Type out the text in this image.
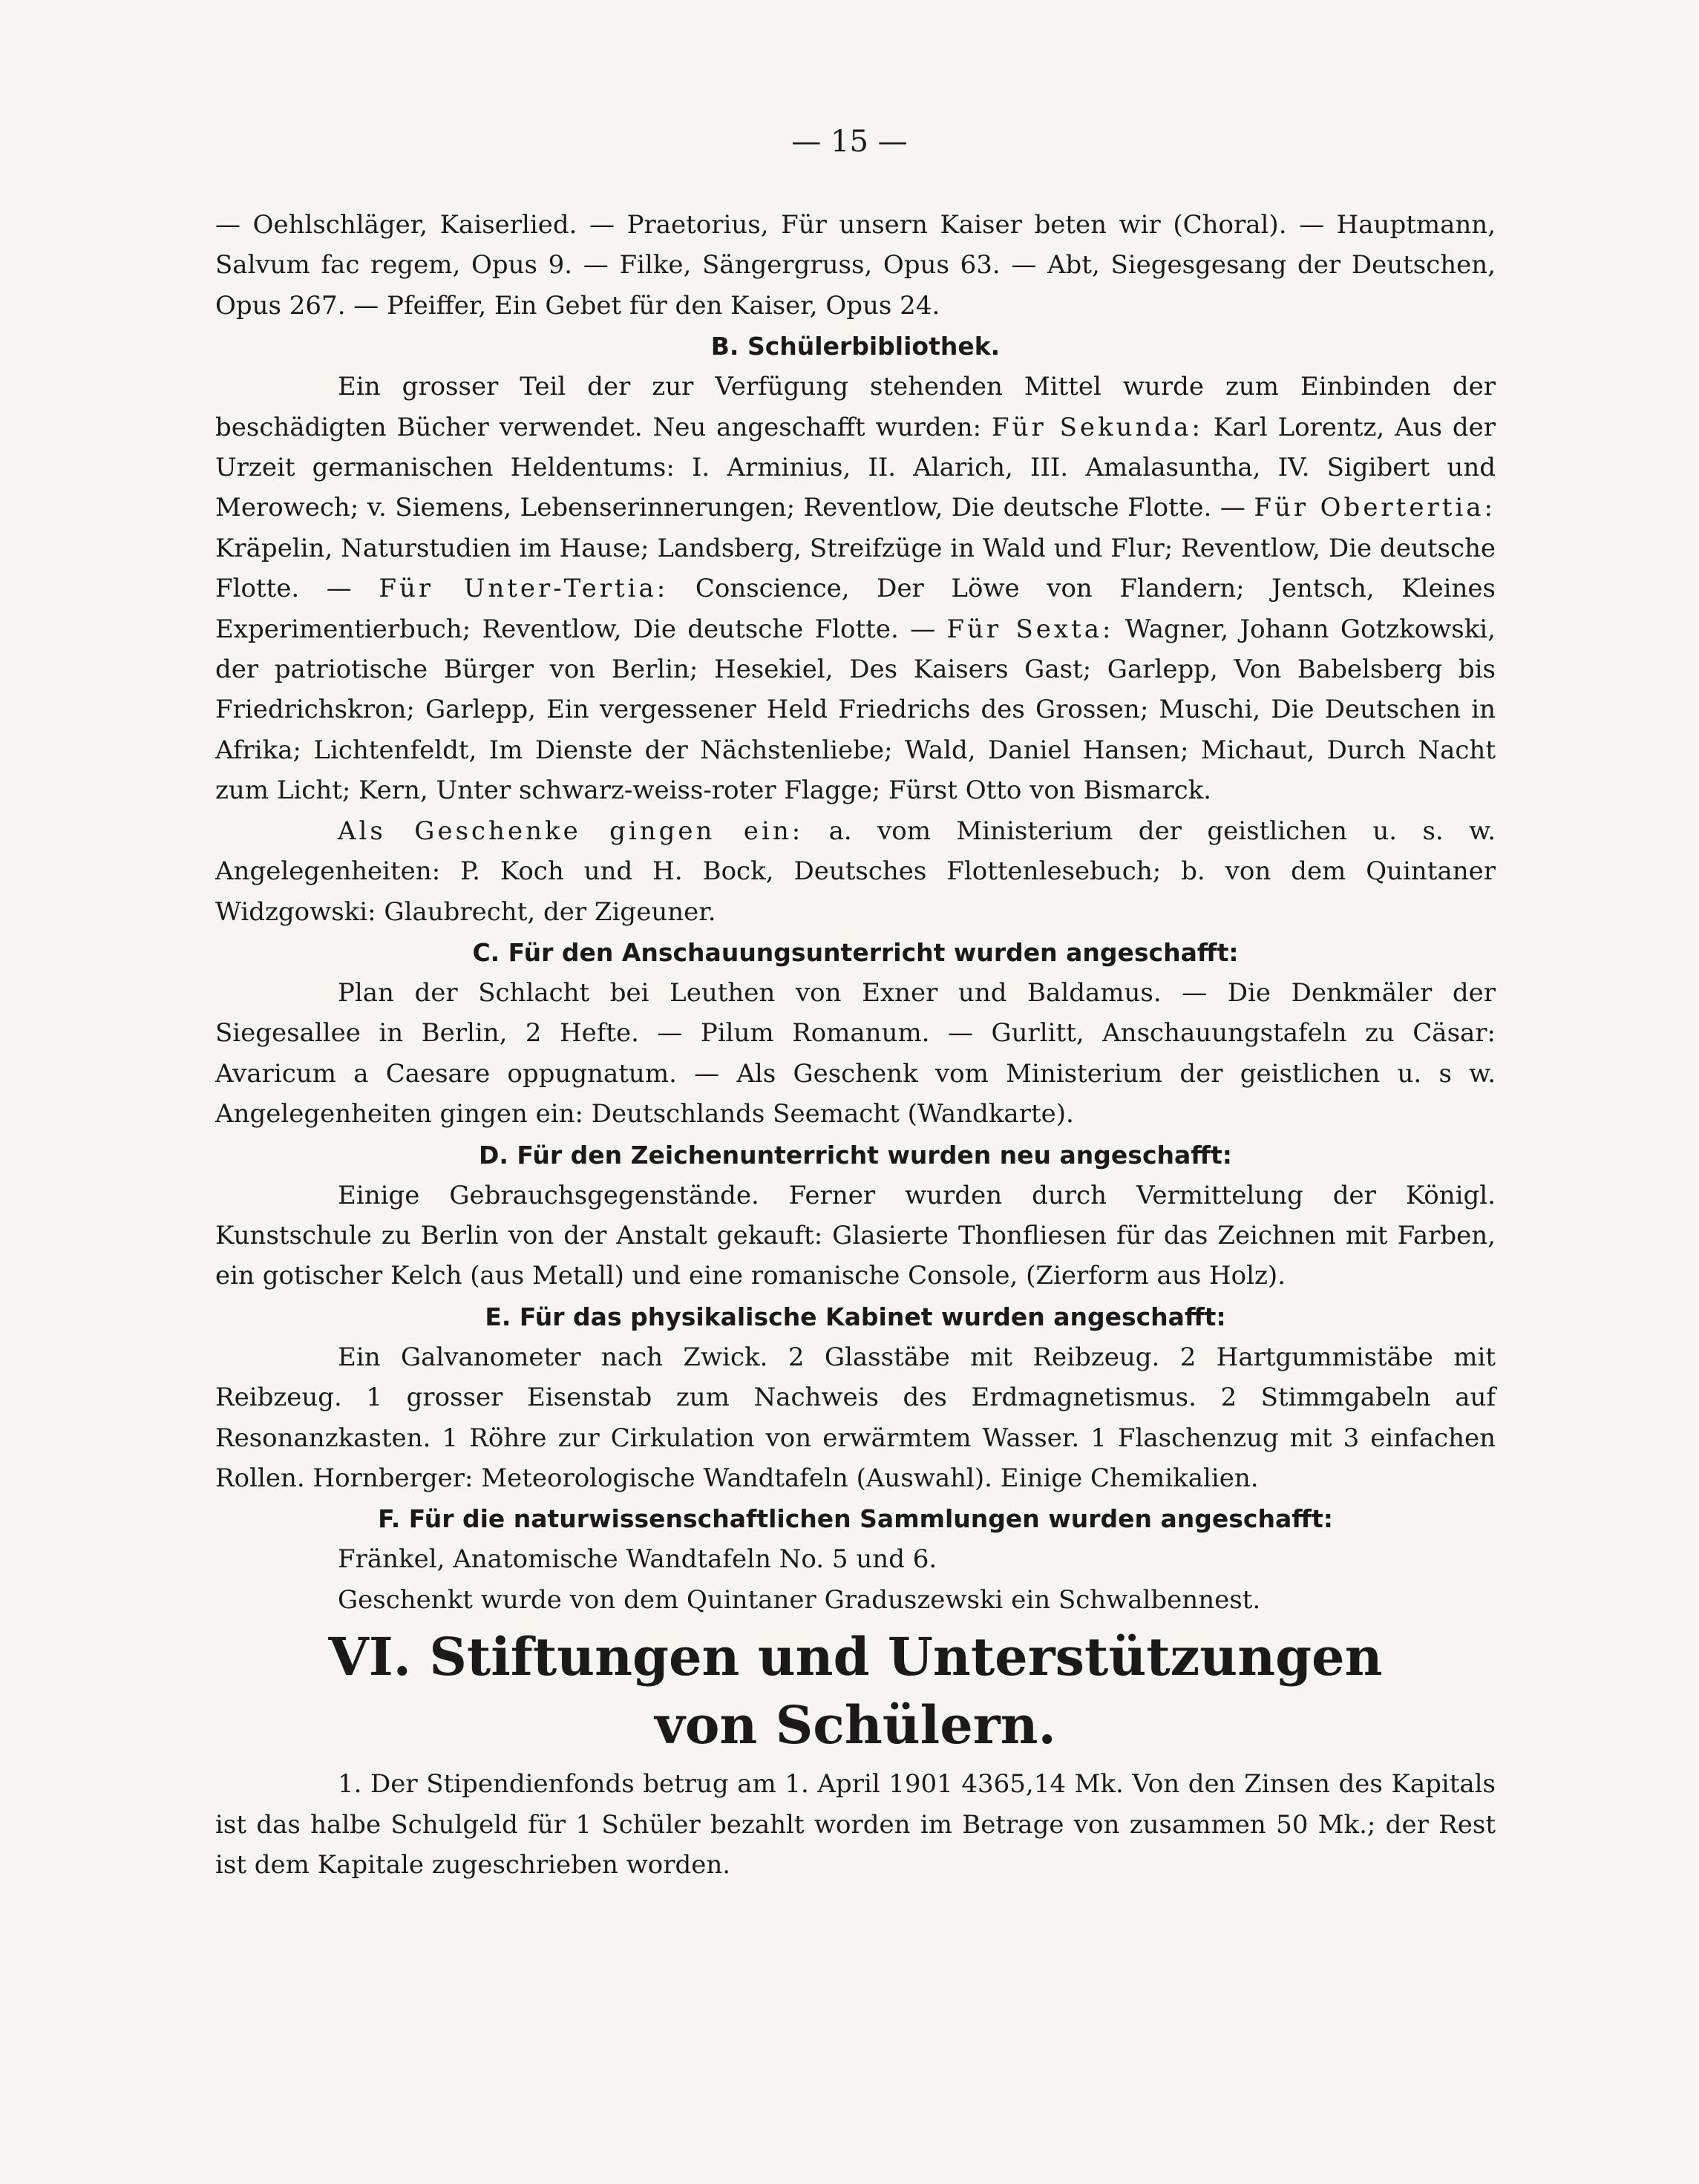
— 15 —

— Oehlschläger, Kaiserlied. — Praetorius, Für unsern Kaiser beten wir (Choral). — Hauptmann, Salvum fac regem, Opus 9. — Filke, Sängergruss, Opus 63. — Abt, Siegesgesang der Deutschen, Opus 267. — Pfeiffer, Ein Gebet für den Kaiser, Opus 24.

B. Schülerbibliothek.

Ein grosser Teil der zur Verfügung stehenden Mittel wurde zum Einbinden der beschädigten Bücher verwendet. Neu angeschafft wurden: Für Sekunda: Karl Lorentz, Aus der Urzeit germanischen Heldentums: I. Arminius, II. Alarich, III. Amalasuntha, IV. Sigibert und Merowech; v. Siemens, Lebenserinnerungen; Reventlow, Die deutsche Flotte. — Für Obertertia: Kräpelin, Naturstudien im Hause; Landsberg, Streifzüge in Wald und Flur; Reventlow, Die deutsche Flotte. — Für Unter-Tertia: Conscience, Der Löwe von Flandern; Jentsch, Kleines Experimentierbuch; Reventlow, Die deutsche Flotte. — Für Sexta: Wagner, Johann Gotzkowski, der patriotische Bürger von Berlin; Hesekiel, Des Kaisers Gast; Garlepp, Von Babelsberg bis Friedrichskron; Garlepp, Ein vergessener Held Friedrichs des Grossen; Muschi, Die Deutschen in Afrika; Lichtenfeldt, Im Dienste der Nächstenliebe; Wald, Daniel Hansen; Michaut, Durch Nacht zum Licht; Kern, Unter schwarz-weiss-roter Flagge; Fürst Otto von Bismarck.

Als Geschenke gingen ein: a. vom Ministerium der geistlichen u. s. w. Angelegenheiten: P. Koch und H. Bock, Deutsches Flottenlesebuch; b. von dem Quintaner Widzgowski: Glaubrecht, der Zigeuner.

C. Für den Anschauungsunterricht wurden angeschafft:

Plan der Schlacht bei Leuthen von Exner und Baldamus. — Die Denkmäler der Siegesallee in Berlin, 2 Hefte. — Pilum Romanum. — Gurlitt, Anschauungstafeln zu Cäsar: Avaricum a Caesare oppugnatum. — Als Geschenk vom Ministerium der geistlichen u. s w. Angelegenheiten gingen ein: Deutschlands Seemacht (Wandkarte).

D. Für den Zeichenunterricht wurden neu angeschafft:

Einige Gebrauchsgegenstände. Ferner wurden durch Vermittelung der Königl. Kunstschule zu Berlin von der Anstalt gekauft: Glasierte Thonfliesen für das Zeichnen mit Farben, ein gotischer Kelch (aus Metall) und eine romanische Console, (Zierform aus Holz).

E. Für das physikalische Kabinet wurden angeschafft:

Ein Galvanometer nach Zwick. 2 Glasstäbe mit Reibzeug. 2 Hartgummistäbe mit Reibzeug. 1 grosser Eisenstab zum Nachweis des Erdmagnetismus. 2 Stimmgabeln auf Resonanzkasten. 1 Röhre zur Cirkulation von erwärmtem Wasser. 1 Flaschenzug mit 3 einfachen Rollen. Hornberger: Meteorologische Wandtafeln (Auswahl). Einige Chemikalien.

F. Für die naturwissenschaftlichen Sammlungen wurden angeschafft:

Fränkel, Anatomische Wandtafeln No. 5 und 6.

Geschenkt wurde von dem Quintaner Graduszewski ein Schwalbennest.

VI. Stiftungen und Unterstützungen
von Schülern.

1. Der Stipendienfonds betrug am 1. April 1901 4365,14 Mk. Von den Zinsen des Kapitals ist das halbe Schulgeld für 1 Schüler bezahlt worden im Betrage von zusammen 50 Mk.; der Rest ist dem Kapitale zugeschrieben worden.
